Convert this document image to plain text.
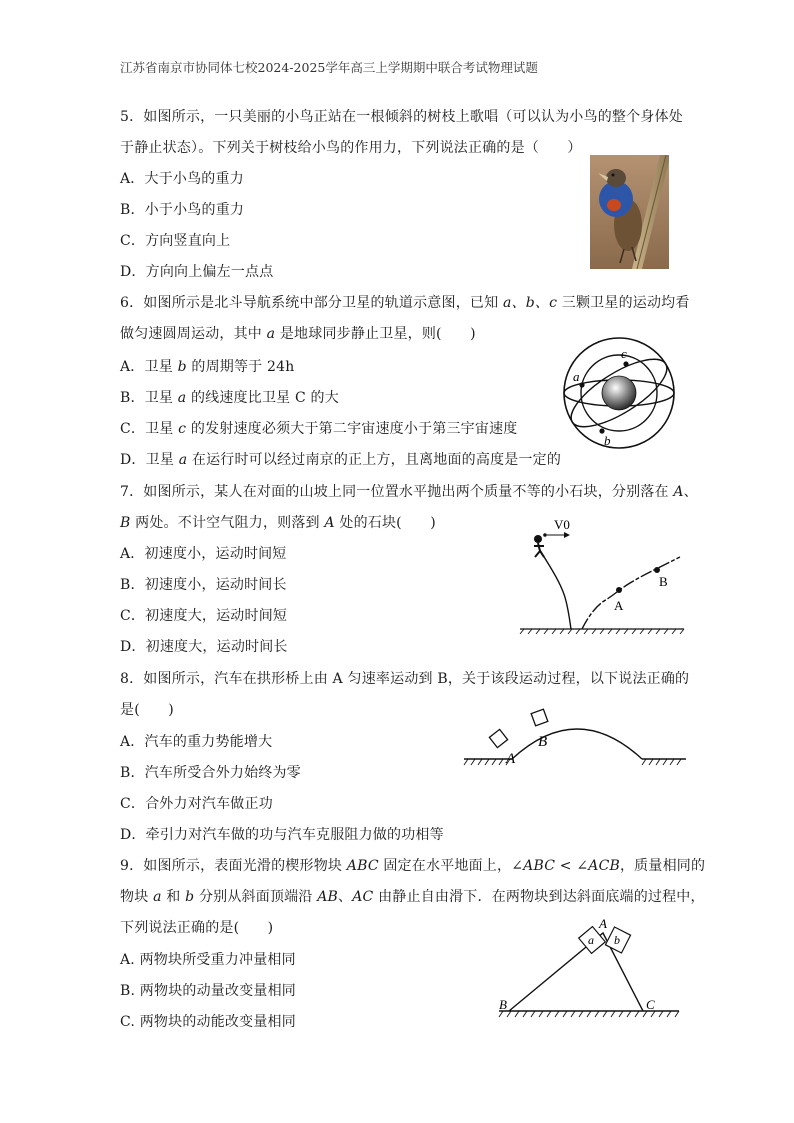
江苏省南京市协同体七校2024-2025学年高三上学期期中联合考试物理试题
5．如图所示，一只美丽的小鸟正站在一根倾斜的树枝上歌唱（可以认为小鸟的整个身体处
于静止状态）。下列关于树枝给小鸟的作用力，下列说法正确的是（　　）
A．大于小鸟的重力
B．小于小鸟的重力
C．方向竖直向上
D．方向向上偏左一点点
6．如图所示是北斗导航系统中部分卫星的轨道示意图，已知 a、b、c 三颗卫星的运动均看
做匀速圆周运动，其中 a 是地球同步静止卫星，则(　　)
A．卫星 b 的周期等于 24h
B．卫星 a 的线速度比卫星 C 的大
C．卫星 c 的发射速度必须大于第二宇宙速度小于第三宇宙速度
D．卫星 a 在运行时可以经过南京的正上方，且离地面的高度是一定的
a
c
b
7．如图所示，某人在对面的山坡上同一位置水平抛出两个质量不等的小石块，分别落在 A、
B 两处。不计空气阻力，则落到 A 处的石块(　　)
A．初速度小，运动时间短
B．初速度小，运动时间长
C．初速度大，运动时间短
D．初速度大，运动时间长
V0
A
B
8．如图所示，汽车在拱形桥上由 A 匀速率运动到 B，关于该段运动过程，以下说法正确的
是(　　)
A．汽车的重力势能增大
B．汽车所受合外力始终为零
C．合外力对汽车做正功
D．牵引力对汽车做的功与汽车克服阻力做的功相等
A
B
9．如图所示，表面光滑的楔形物块 ABC 固定在水平地面上，∠ABC < ∠ACB，质量相同的
物块 a 和 b 分别从斜面顶端沿 AB、AC 由静止自由滑下．在两物块到达斜面底端的过程中，
下列说法正确的是(　　)
A. 两物块所受重力冲量相同
B. 两物块的动量改变量相同
C. 两物块的动能改变量相同
a b
A
B	C
